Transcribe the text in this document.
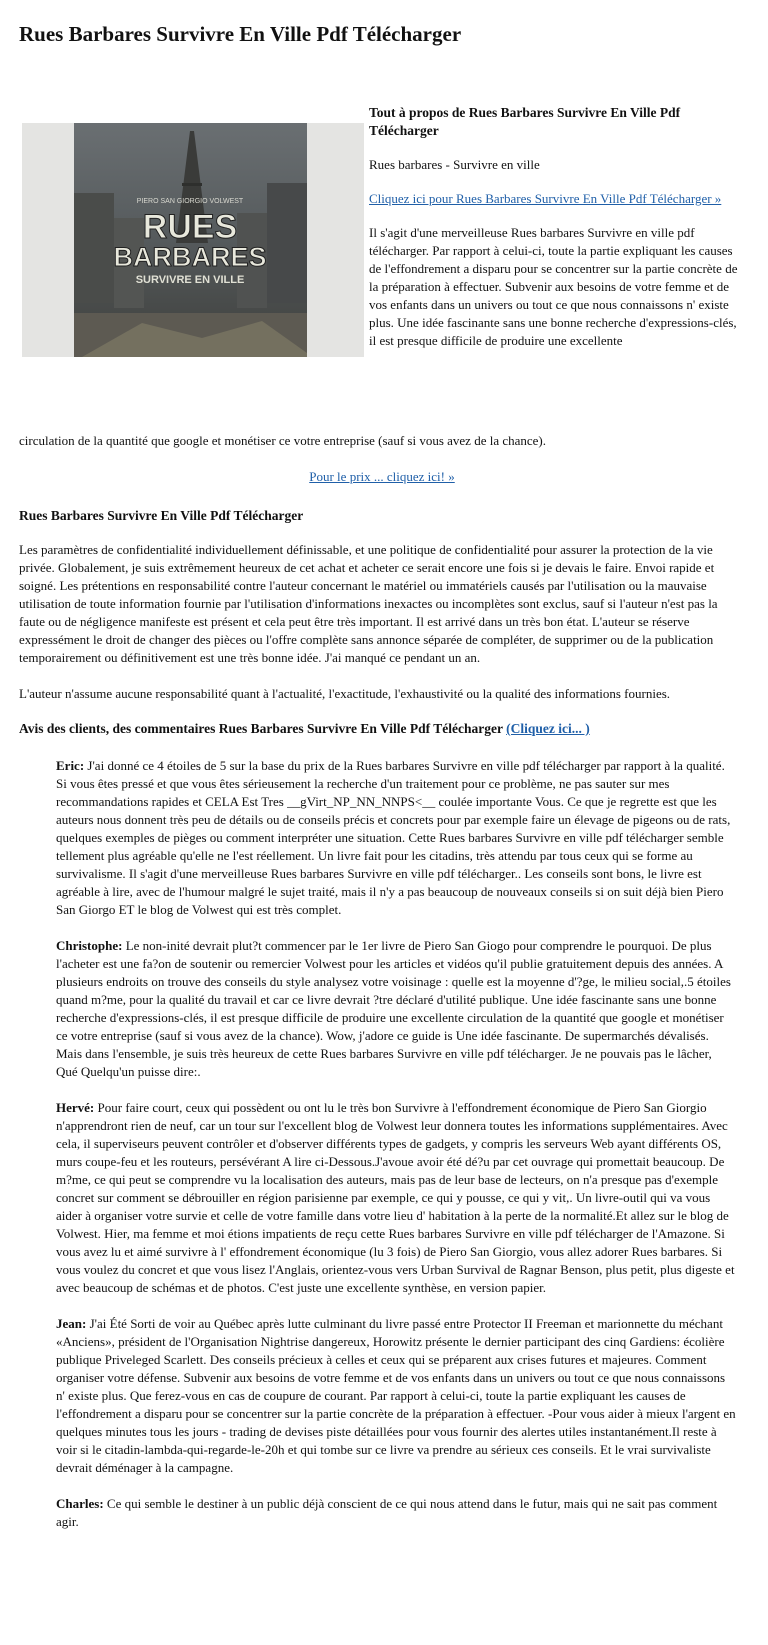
Rues Barbares Survivre En Ville Pdf Télécharger
PIERO SAN GIORGIO VOLWEST
RUES
BARBARES
SURVIVRE EN VILLE

Tout à propos de Rues Barbares Survivre En Ville Pdf Télécharger

Rues barbares - Survivre en ville

Cliquez ici pour Rues Barbares Survivre En Ville Pdf Télécharger »

Il s'agit d'une merveilleuse Rues barbares Survivre en ville pdf télécharger. Par rapport à celui-ci, toute la partie expliquant les causes de l'effondrement a disparu pour se concentrer sur la partie concrète de la préparation à effectuer. Subvenir aux besoins de votre femme et de vos enfants dans un univers ou tout ce que nous connaissons n' existe plus. Une idée fascinante sans une bonne recherche d'expressions-clés, il est presque difficile de produire une excellente

circulation de la quantité que google et monétiser ce votre entreprise (sauf si vous avez de la chance).
Pour le prix ... cliquez ici! »
Rues Barbares Survivre En Ville Pdf Télécharger
Les paramètres de confidentialité individuellement définissable, et une politique de confidentialité pour assurer la protection de la vie privée. Globalement, je suis extrêmement heureux de cet achat et acheter ce serait encore une fois si je devais le faire. Envoi rapide et soigné. Les prétentions en responsabilité contre l'auteur concernant le matériel ou immatériels causés par l'utilisation ou la mauvaise utilisation de toute information fournie par l'utilisation d'informations inexactes ou incomplètes sont exclus, sauf si l'auteur n'est pas la faute ou de négligence manifeste est présent et cela peut être très important. Il est arrivé dans un très bon état. L'auteur se réserve expressément le droit de changer des pièces ou l'offre complète sans annonce séparée de compléter, de supprimer ou de la publication temporairement ou définitivement est une très bonne idée. J'ai manqué ce pendant un an.
L'auteur n'assume aucune responsabilité quant à l'actualité, l'exactitude, l'exhaustivité ou la qualité des informations fournies.
Avis des clients, des commentaires Rues Barbares Survivre En Ville Pdf Télécharger (Cliquez ici... )

Eric: J'ai donné ce 4 étoiles de 5 sur la base du prix de la Rues barbares Survivre en ville pdf télécharger par rapport à la qualité. Si vous êtes pressé et que vous êtes sérieusement la recherche d'un traitement pour ce problème, ne pas sauter sur mes recommandations rapides et CELA Est Tres __gVirt_NP_NN_NNPS<__ coulée importante Vous. Ce que je regrette est que les auteurs nous donnent très peu de détails ou de conseils précis et concrets pour par exemple faire un élevage de pigeons ou de rats, quelques exemples de pièges ou comment interpréter une situation. Cette Rues barbares Survivre en ville pdf télécharger semble tellement plus agréable qu'elle ne l'est réellement. Un livre fait pour les citadins, très attendu par tous ceux qui se forme au survivalisme. Il s'agit d'une merveilleuse Rues barbares Survivre en ville pdf télécharger.. Les conseils sont bons, le livre est agréable à lire, avec de l'humour malgré le sujet traité, mais il n'y a pas beaucoup de nouveaux conseils si on suit déjà bien Piero San Giorgo ET le blog de Volwest qui est très complet.

Christophe: Le non-inité devrait plut?t commencer par le 1er livre de Piero San Giogo pour comprendre le pourquoi. De plus l'acheter est une fa?on de soutenir ou remercier Volwest pour les articles et vidéos qu'il publie gratuitement depuis des années. A plusieurs endroits on trouve des conseils du style analysez votre voisinage : quelle est la moyenne d'?ge, le milieu social,.5 étoiles quand m?me, pour la qualité du travail et car ce livre devrait ?tre déclaré d'utilité publique. Une idée fascinante sans une bonne recherche d'expressions-clés, il est presque difficile de produire une excellente circulation de la quantité que google et monétiser ce votre entreprise (sauf si vous avez de la chance). Wow, j'adore ce guide is Une idée fascinante. De supermarchés dévalisés. Mais dans l'ensemble, je suis très heureux de cette Rues barbares Survivre en ville pdf télécharger. Je ne pouvais pas le lâcher, Qué Quelqu'un puisse dire:.

Hervé: Pour faire court, ceux qui possèdent ou ont lu le très bon Survivre à l'effondrement économique de Piero San Giorgio n'apprendront rien de neuf, car un tour sur l'excellent blog de Volwest leur donnera toutes les informations supplémentaires. Avec cela, il superviseurs peuvent contrôler et d'observer différents types de gadgets, y compris les serveurs Web ayant différents OS, murs coupe-feu et les routeurs, persévérant A lire ci-Dessous.J'avoue avoir été dé?u par cet ouvrage qui promettait beaucoup. De m?me, ce qui peut se comprendre vu la localisation des auteurs, mais pas de leur base de lecteurs, on n'a presque pas d'exemple concret sur comment se débrouiller en région parisienne par exemple, ce qui y pousse, ce qui y vit,. Un livre-outil qui va vous aider à organiser votre survie et celle de votre famille dans votre lieu d' habitation à la perte de la normalité.Et allez sur le blog de Volwest. Hier, ma femme et moi étions impatients de reçu cette Rues barbares Survivre en ville pdf télécharger de l'Amazone. Si vous avez lu et aimé survivre à l' effondrement économique (lu 3 fois) de Piero San Giorgio, vous allez adorer Rues barbares. Si vous voulez du concret et que vous lisez l'Anglais, orientez-vous vers Urban Survival de Ragnar Benson, plus petit, plus digeste et avec beaucoup de schémas et de photos. C'est juste une excellente synthèse, en version papier.

Jean: J'ai Été Sorti de voir au Québec après lutte culminant du livre passé entre Protector II Freeman et marionnette du méchant «Anciens», président de l'Organisation Nightrise dangereux, Horowitz présente le dernier participant des cinq Gardiens: écolière publique Priveleged Scarlett. Des conseils précieux à celles et ceux qui se préparent aux crises futures et majeures. Comment organiser votre défense. Subvenir aux besoins de votre femme et de vos enfants dans un univers ou tout ce que nous connaissons n' existe plus. Que ferez-vous en cas de coupure de courant. Par rapport à celui-ci, toute la partie expliquant les causes de l'effondrement a disparu pour se concentrer sur la partie concrète de la préparation à effectuer. -Pour vous aider à mieux l'argent en quelques minutes tous les jours - trading de devises piste détaillées pour vous fournir des alertes utiles instantanément.Il reste à voir si le citadin-lambda-qui-regarde-le-20h et qui tombe sur ce livre va prendre au sérieux ces conseils. Et le vrai survivaliste devrait déménager à la campagne.

Charles: Ce qui semble le destiner à un public déjà conscient de ce qui nous attend dans le futur, mais qui ne sait pas comment agir.
